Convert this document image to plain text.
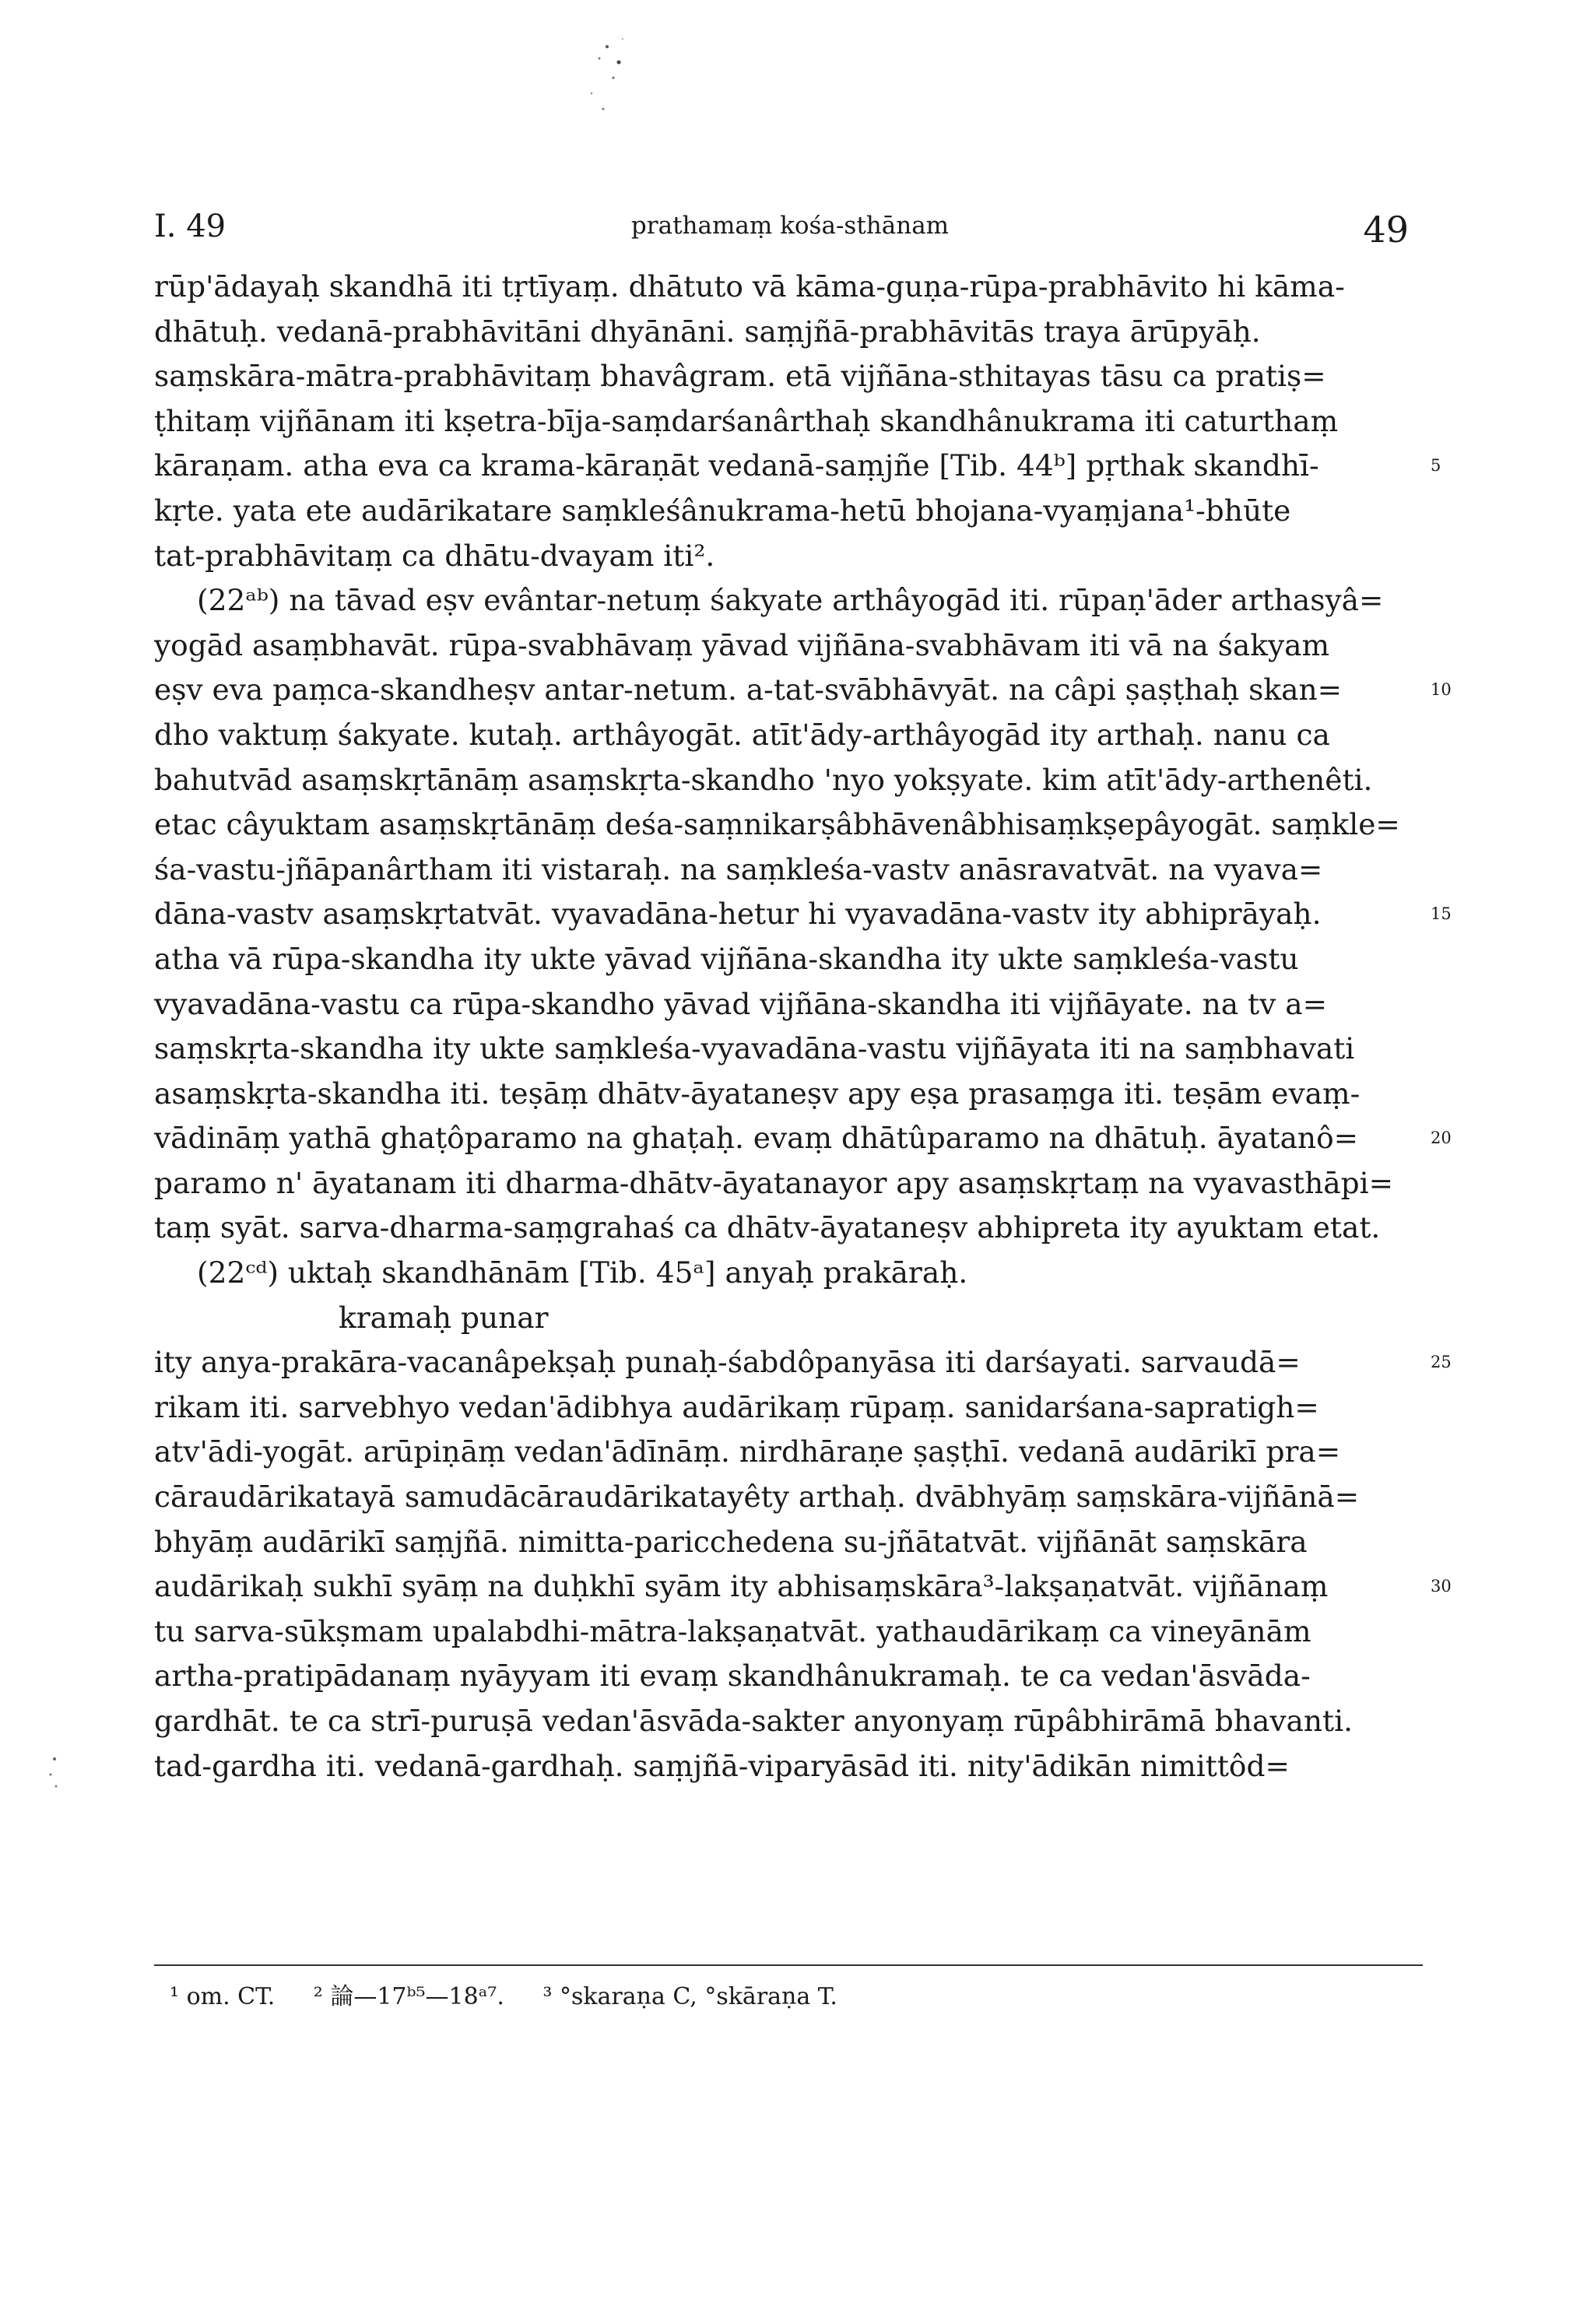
I. 49	prathamaṃ kośa-sthānam	49
rūp'ādayaḥ skandhā iti tṛtīyaṃ. dhātuto vā kāma-guṇa-rūpa-prabhāvito hi kāma-
dhātuḥ. vedanā-prabhāvitāni dhyānāni. saṃjñā-prabhāvitās traya ārūpyāḥ.
saṃskāra-mātra-prabhāvitaṃ bhavâgram. etā vijñāna-sthitayas tāsu ca pratiṣ=
ṭhitaṃ vijñānam iti kṣetra-bīja-saṃdarśanârthaḥ skandhânukrama iti caturthaṃ
kāraṇam. atha eva ca krama-kāraṇāt vedanā-saṃjñe [Tib. 44ᵇ] pṛthak skandhī-	5
kṛte. yata ete audārikatare saṃkleśânukrama-hetū bhojana-vyaṃjana¹-bhūte
tat-prabhāvitaṃ ca dhātu-dvayam iti².
(22ᵃᵇ) na tāvad eṣv evântar-netuṃ śakyate arthâyogād iti. rūpaṇ'āder arthasyâ=
yogād asaṃbhavāt. rūpa-svabhāvaṃ yāvad vijñāna-svabhāvam iti vā na śakyam
eṣv eva paṃca-skandheṣv antar-netum. a-tat-svābhāvyāt. na câpi ṣaṣṭhaḥ skan=	10
dho vaktuṃ śakyate. kutaḥ. arthâyogāt. atīt'ādy-arthâyogād ity arthaḥ. nanu ca
bahutvād asaṃskṛtānāṃ asaṃskṛta-skandho 'nyo yokṣyate. kim atīt'ādy-arthenêti.
etac câyuktam asaṃskṛtānāṃ deśa-saṃnikarṣâbhāvenâbhisaṃkṣepâyogāt. saṃkle=
śa-vastu-jñāpanârtham iti vistaraḥ. na saṃkleśa-vastv anāsravatvāt. na vyava=
dāna-vastv asaṃskṛtatvāt. vyavadāna-hetur hi vyavadāna-vastv ity abhiprāyaḥ.	15
atha vā rūpa-skandha ity ukte yāvad vijñāna-skandha ity ukte saṃkleśa-vastu
vyavadāna-vastu ca rūpa-skandho yāvad vijñāna-skandha iti vijñāyate. na tv a=
saṃskṛta-skandha ity ukte saṃkleśa-vyavadāna-vastu vijñāyata iti na saṃbhavati
asaṃskṛta-skandha iti. teṣāṃ dhātv-āyataneṣv apy eṣa prasaṃga iti. teṣām evaṃ-
vādināṃ yathā ghaṭôparamo na ghaṭaḥ. evaṃ dhātûparamo na dhātuḥ. āyatanô=	20
paramo n' āyatanam iti dharma-dhātv-āyatanayor apy asaṃskṛtaṃ na vyavasthāpi=
taṃ syāt. sarva-dharma-saṃgrahaś ca dhātv-āyataneṣv abhipreta ity ayuktam etat.
(22ᶜᵈ) uktaḥ skandhānām [Tib. 45ᵃ] anyaḥ prakāraḥ.
kramaḥ punar
ity anya-prakāra-vacanâpekṣaḥ punaḥ-śabdôpanyāsa iti darśayati. sarvaudā=	25
rikam iti. sarvebhyo vedan'ādibhya audārikaṃ rūpaṃ. sanidarśana-sapratigh=
atv'ādi-yogāt. arūpiṇāṃ vedan'ādīnāṃ. nirdhāraṇe ṣaṣṭhī. vedanā audārikī pra=
cāraudārikatayā samudācāraudārikatayêty arthaḥ. dvābhyāṃ saṃskāra-vijñānā=
bhyāṃ audārikī saṃjñā. nimitta-paricchedena su-jñātatvāt. vijñānāt saṃskāra
audārikaḥ sukhī syāṃ na duḥkhī syām ity abhisaṃskāra³-lakṣaṇatvāt. vijñānaṃ	30
tu sarva-sūkṣmam upalabdhi-mātra-lakṣaṇatvāt. yathaudārikaṃ ca vineyānām
artha-pratipādanaṃ nyāyyam iti evaṃ skandhânukramaḥ. te ca vedan'āsvāda-
gardhāt. te ca strī-puruṣā vedan'āsvāda-sakter anyonyaṃ rūpâbhirāmā bhavanti.
tad-gardha iti. vedanā-gardhaḥ. saṃjñā-viparyāsād iti. nity'ādikān nimittôd=
¹ om. CT. ² 論—17ᵇ⁵—18ᵃ⁷. ³ °skaraṇa C, °skāraṇa T.
